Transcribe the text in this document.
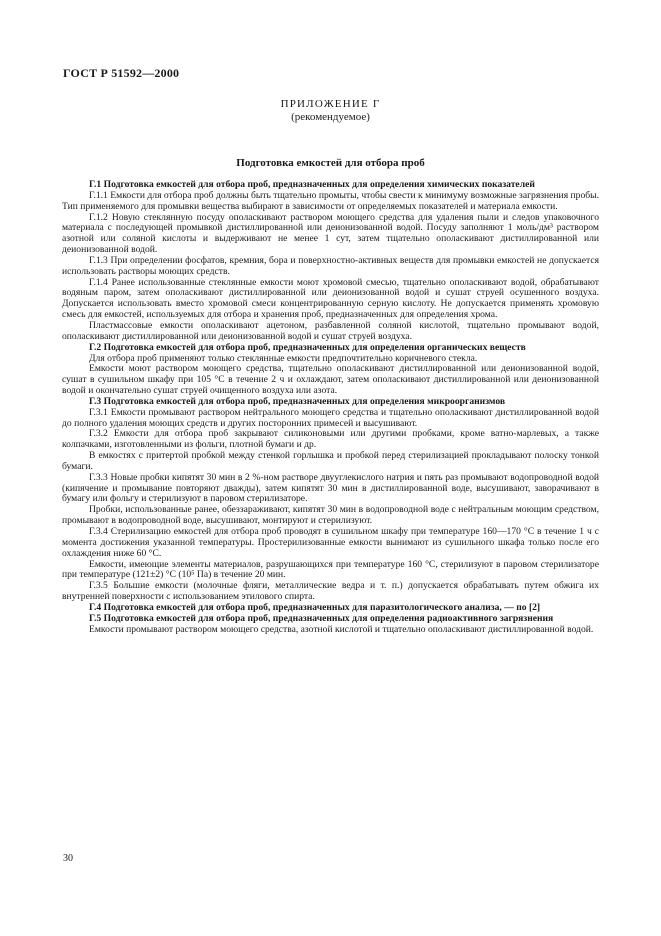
ГОСТ Р 51592—2000
ПРИЛОЖЕНИЕ Г
(рекомендуемое)
Подготовка емкостей для отбора проб

Г.1 Подготовка емкостей для отбора проб, предназначенных для определения химических показателей

Г.1.1 Емкости для отбора проб должны быть тщательно промыты, чтобы свести к минимуму возможные загрязнения пробы. Тип применяемого для промывки вещества выбирают в зависимости от определяемых показателей и материала емкости.

Г.1.2 Новую стеклянную посуду ополаскивают раствором моющего средства для удаления пыли и следов упаковочного материала с последующей промывкой дистиллированной или деионизованной водой. Посуду заполняют 1 моль/дм³ раствором азотной или соляной кислоты и выдерживают не менее 1 сут, затем тщательно ополаскивают дистиллированной или деионизованной водой.

Г.1.3 При определении фосфатов, кремния, бора и поверхностно-активных веществ для промывки емкостей не допускается использовать растворы моющих средств.

Г.1.4 Ранее использованные стеклянные емкости моют хромовой смесью, тщательно ополаскивают водой, обрабатывают водяным паром, затем ополаскивают дистиллированной или деионизованной водой и сушат струей осушенного воздуха. Допускается использовать вместо хромовой смеси концентрированную серную кислоту. Не допускается применять хромовую смесь для емкостей, используемых для отбора и хранения проб, предназначенных для определения хрома.

Пластмассовые емкости ополаскивают ацетоном, разбавленной соляной кислотой, тщательно промывают водой, ополаскивают дистиллированной или деионизованной водой и сушат струей воздуха.

Г.2 Подготовка емкостей для отбора проб, предназначенных для определения органических веществ

Для отбора проб применяют только стеклянные емкости предпочтительно коричневого стекла.

Емкости моют раствором моющего средства, тщательно ополаскивают дистиллированной или деионизованной водой, сушат в сушильном шкафу при 105 °С в течение 2 ч и охлаждают, затем ополаскивают дистиллированной или деионизованной водой и окончательно сушат струей очищенного воздуха или азота.

Г.3 Подготовка емкостей для отбора проб, предназначенных для определения микроорганизмов

Г.3.1 Емкости промывают раствором нейтрального моющего средства и тщательно ополаскивают дистиллированной водой до полного удаления моющих средств и других посторонних примесей и высушивают.

Г.3.2 Емкости для отбора проб закрывают силиконовыми или другими пробками, кроме ватно-марлевых, а также колпачками, изготовленными из фольги, плотной бумаги и др.

В емкостях с притертой пробкой между стенкой горлышка и пробкой перед стерилизацией прокладывают полоску тонкой бумаги.

Г.3.3 Новые пробки кипятят 30 мин в 2 %-ном растворе двууглекислого натрия и пять раз промывают водопроводной водой (кипячение и промывание повторяют дважды), затем кипятят 30 мин в дистиллированной воде, высушивают, заворачивают в бумагу или фольгу и стерилизуют в паровом стерилизаторе.

Пробки, использованные ранее, обеззараживают, кипятят 30 мин в водопроводной воде с нейтральным моющим средством, промывают в водопроводной воде, высушивают, монтируют и стерилизуют.

Г.3.4 Стерилизацию емкостей для отбора проб проводят в сушильном шкафу при температуре 160—170 °С в течение 1 ч с момента достижения указанной температуры. Простерилизованные емкости вынимают из сушильного шкафа только после его охлаждения ниже 60 °С.

Емкости, имеющие элементы материалов, разрушающихся при температуре 160 °С, стерилизуют в паровом стерилизаторе при температуре (121±2) °С (10⁵ Па) в течение 20 мин.

Г.3.5 Большие емкости (молочные фляги, металлические ведра и т. п.) допускается обрабатывать путем обжига их внутренней поверхности с использованием этилового спирта.

Г.4 Подготовка емкостей для отбора проб, предназначенных для паразитологического анализа, — по [2]

Г.5 Подготовка емкостей для отбора проб, предназначенных для определения радиоактивного загрязнения

Емкости промывают раствором моющего средства, азотной кислотой и тщательно ополаскивают дистиллированной водой.

30
